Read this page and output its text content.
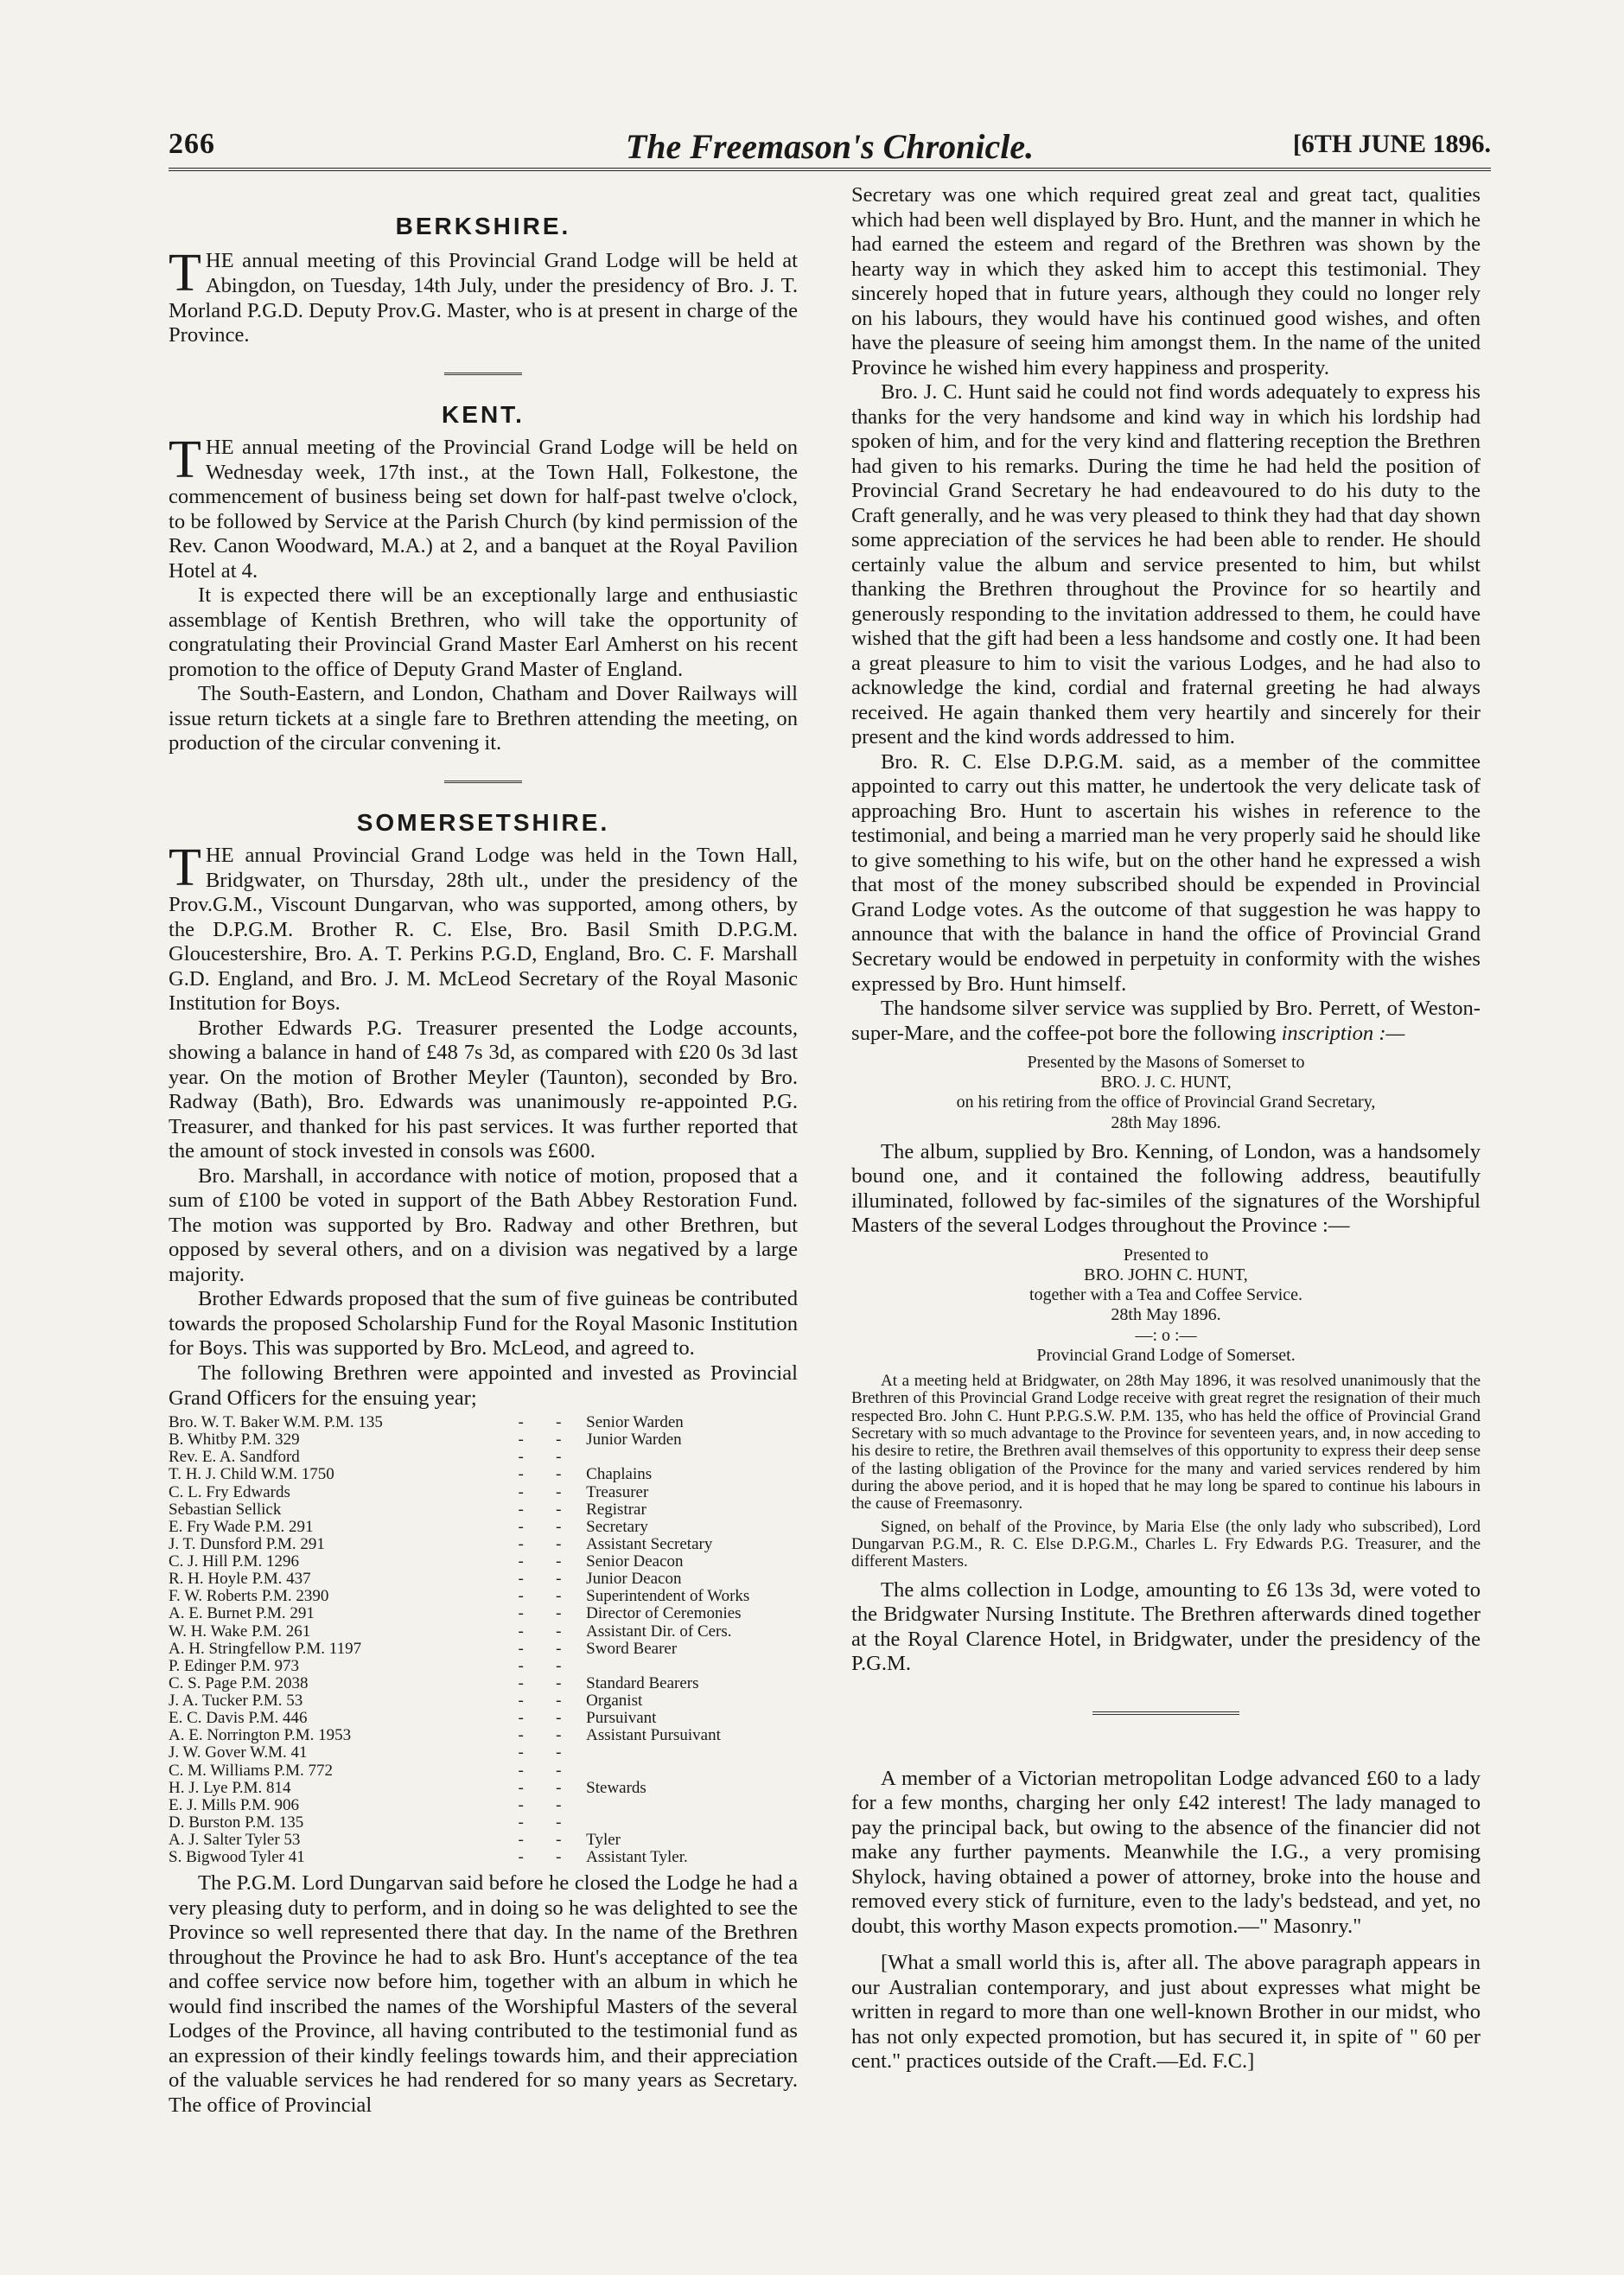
266	The Freemason's Chronicle.	[6TH JUNE 1896.
BERKSHIRE.

THE annual meeting of this Provincial Grand Lodge will be held at Abingdon, on Tuesday, 14th July, under the presidency of Bro. J. T. Morland P.G.D. Deputy Prov.G. Master, who is at present in charge of the Province.

KENT.

THE annual meeting of the Provincial Grand Lodge will be held on Wednesday week, 17th inst., at the Town Hall, Folkestone, the commencement of business being set down for half-past twelve o'clock, to be followed by Service at the Parish Church (by kind permission of the Rev. Canon Woodward, M.A.) at 2, and a banquet at the Royal Pavilion Hotel at 4.

It is expected there will be an exceptionally large and enthusiastic assemblage of Kentish Brethren, who will take the opportunity of congratulating their Provincial Grand Master Earl Amherst on his recent promotion to the office of Deputy Grand Master of England.

The South-Eastern, and London, Chatham and Dover Railways will issue return tickets at a single fare to Brethren attending the meeting, on production of the circular convening it.

SOMERSETSHIRE.

THE annual Provincial Grand Lodge was held in the Town Hall, Bridgwater, on Thursday, 28th ult., under the presidency of the Prov.G.M., Viscount Dungarvan, who was supported, among others, by the D.P.G.M. Brother R. C. Else, Bro. Basil Smith D.P.G.M. Gloucestershire, Bro. A. T. Perkins P.G.D, England, Bro. C. F. Marshall G.D. England, and Bro. J. M. McLeod Secretary of the Royal Masonic Institution for Boys.

Brother Edwards P.G. Treasurer presented the Lodge accounts, showing a balance in hand of £48 7s 3d, as compared with £20 0s 3d last year. On the motion of Brother Meyler (Taunton), seconded by Bro. Radway (Bath), Bro. Edwards was unanimously re-appointed P.G. Treasurer, and thanked for his past services. It was further reported that the amount of stock invested in consols was £600.

Bro. Marshall, in accordance with notice of motion, proposed that a sum of £100 be voted in support of the Bath Abbey Restoration Fund. The motion was supported by Bro. Radway and other Brethren, but opposed by several others, and on a division was negatived by a large majority.

Brother Edwards proposed that the sum of five guineas be contributed towards the proposed Scholarship Fund for the Royal Masonic Institution for Boys. This was supported by Bro. McLeod, and agreed to.

The following Brethren were appointed and invested as Provincial Grand Officers for the ensuing year;

Bro. W. T. Baker W.M. P.M. 135	-	-	Senior Warden
B. Whitby P.M. 329	-	-	Junior Warden
Rev. E. A. Sandford	-	-	
T. H. J. Child W.M. 1750	-	-	Chaplains
C. L. Fry Edwards	-	-	Treasurer
Sebastian Sellick	-	-	Registrar
E. Fry Wade P.M. 291	-	-	Secretary
J. T. Dunsford P.M. 291	-	-	Assistant Secretary
C. J. Hill P.M. 1296	-	-	Senior Deacon
R. H. Hoyle P.M. 437	-	-	Junior Deacon
F. W. Roberts P.M. 2390	-	-	Superintendent of Works
A. E. Burnet P.M. 291	-	-	Director of Ceremonies
W. H. Wake P.M. 261	-	-	Assistant Dir. of Cers.
A. H. Stringfellow P.M. 1197	-	-	Sword Bearer
P. Edinger P.M. 973	-	-	
C. S. Page P.M. 2038	-	-	Standard Bearers
J. A. Tucker P.M. 53	-	-	Organist
E. C. Davis P.M. 446	-	-	Pursuivant
A. E. Norrington P.M. 1953	-	-	Assistant Pursuivant
J. W. Gover W.M. 41	-	-	
C. M. Williams P.M. 772	-	-	
H. J. Lye P.M. 814	-	-	Stewards
E. J. Mills P.M. 906	-	-	
D. Burston P.M. 135	-	-	
A. J. Salter Tyler 53	-	-	Tyler
S. Bigwood Tyler 41	-	-	Assistant Tyler.

The P.G.M. Lord Dungarvan said before he closed the Lodge he had a very pleasing duty to perform, and in doing so he was delighted to see the Province so well represented there that day. In the name of the Brethren throughout the Province he had to ask Bro. Hunt's acceptance of the tea and coffee service now before him, together with an album in which he would find inscribed the names of the Worshipful Masters of the several Lodges of the Province, all having contributed to the testimonial fund as an expression of their kindly feelings towards him, and their appreciation of the valuable services he had rendered for so many years as Secretary. The office of Provincial

Secretary was one which required great zeal and great tact, qualities which had been well displayed by Bro. Hunt, and the manner in which he had earned the esteem and regard of the Brethren was shown by the hearty way in which they asked him to accept this testimonial. They sincerely hoped that in future years, although they could no longer rely on his labours, they would have his continued good wishes, and often have the pleasure of seeing him amongst them. In the name of the united Province he wished him every happiness and prosperity.

Bro. J. C. Hunt said he could not find words adequately to express his thanks for the very handsome and kind way in which his lordship had spoken of him, and for the very kind and flattering reception the Brethren had given to his remarks. During the time he had held the position of Provincial Grand Secretary he had endeavoured to do his duty to the Craft generally, and he was very pleased to think they had that day shown some appreciation of the services he had been able to render. He should certainly value the album and service presented to him, but whilst thanking the Brethren throughout the Province for so heartily and generously responding to the invitation addressed to them, he could have wished that the gift had been a less handsome and costly one. It had been a great pleasure to him to visit the various Lodges, and he had also to acknowledge the kind, cordial and fraternal greeting he had always received. He again thanked them very heartily and sincerely for their present and the kind words addressed to him.

Bro. R. C. Else D.P.G.M. said, as a member of the committee appointed to carry out this matter, he undertook the very delicate task of approaching Bro. Hunt to ascertain his wishes in reference to the testimonial, and being a married man he very properly said he should like to give something to his wife, but on the other hand he expressed a wish that most of the money subscribed should be expended in Provincial Grand Lodge votes. As the outcome of that suggestion he was happy to announce that with the balance in hand the office of Provincial Grand Secretary would be endowed in perpetuity in conformity with the wishes expressed by Bro. Hunt himself.

The handsome silver service was supplied by Bro. Perrett, of Weston-super-Mare, and the coffee-pot bore the following inscription :—

Presented by the Masons of Somerset to
BRO. J. C. HUNT,
on his retiring from the office of Provincial Grand Secretary,
28th May 1896.

The album, supplied by Bro. Kenning, of London, was a handsomely bound one, and it contained the following address, beautifully illuminated, followed by fac-similes of the signatures of the Worshipful Masters of the several Lodges throughout the Province :—

Presented to
BRO. JOHN C. HUNT,
together with a Tea and Coffee Service.
28th May 1896.
—: o :—
Provincial Grand Lodge of Somerset.

At a meeting held at Bridgwater, on 28th May 1896, it was resolved unanimously that the Brethren of this Provincial Grand Lodge receive with great regret the resignation of their much respected Bro. John C. Hunt P.P.G.S.W. P.M. 135, who has held the office of Provincial Grand Secretary with so much advantage to the Province for seventeen years, and, in now acceding to his desire to retire, the Brethren avail themselves of this opportunity to express their deep sense of the lasting obligation of the Province for the many and varied services rendered by him during the above period, and it is hoped that he may long be spared to continue his labours in the cause of Freemasonry.

Signed, on behalf of the Province, by Maria Else (the only lady who subscribed), Lord Dungarvan P.G.M., R. C. Else D.P.G.M., Charles L. Fry Edwards P.G. Treasurer, and the different Masters.

The alms collection in Lodge, amounting to £6 13s 3d, were voted to the Bridgwater Nursing Institute. The Brethren afterwards dined together at the Royal Clarence Hotel, in Bridgwater, under the presidency of the P.G.M.

A member of a Victorian metropolitan Lodge advanced £60 to a lady for a few months, charging her only £42 interest! The lady managed to pay the principal back, but owing to the absence of the financier did not make any further payments. Meanwhile the I.G., a very promising Shylock, having obtained a power of attorney, broke into the house and removed every stick of furniture, even to the lady's bedstead, and yet, no doubt, this worthy Mason expects promotion.—" Masonry."

[What a small world this is, after all. The above paragraph appears in our Australian contemporary, and just about expresses what might be written in regard to more than one well-known Brother in our midst, who has not only expected promotion, but has secured it, in spite of " 60 per cent." practices outside of the Craft.—Ed. F.C.]
